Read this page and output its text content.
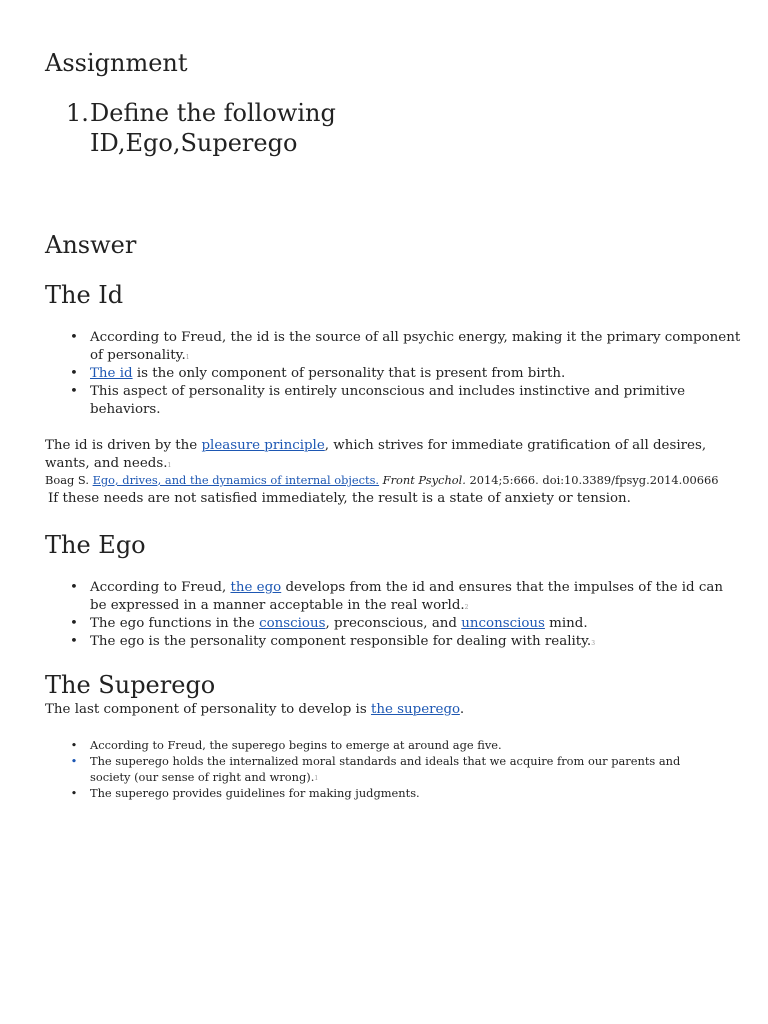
Assignment
1. Define the following
ID,Ego,Superego
Answer
The Id
• According to Freud, the id is the source of all psychic energy, making it the primary component of personality.$^1$
• The id is the only component of personality that is present from birth.
• This aspect of personality is entirely unconscious and includes instinctive and primitive behaviors.
The id is driven by the pleasure principle, which strives for immediate gratification of all desires, wants, and needs.$^1$
Boag S. Ego, drives, and the dynamics of internal objects. Front Psychol. 2014;5:666. doi:10.3389/fpsyg.2014.00666
If these needs are not satisfied immediately, the result is a state of anxiety or tension.
The Ego
• According to Freud, the ego develops from the id and ensures that the impulses of the id can be expressed in a manner acceptable in the real world.$^2$
• The ego functions in the conscious, preconscious, and unconscious mind.
• The ego is the personality component responsible for dealing with reality.$^3$
The Superego
The last component of personality to develop is the superego.
• According to Freud, the superego begins to emerge at around age five.
• The superego holds the internalized moral standards and ideals that we acquire from our parents and society (our sense of right and wrong).$^1$
• The superego provides guidelines for making judgments.
